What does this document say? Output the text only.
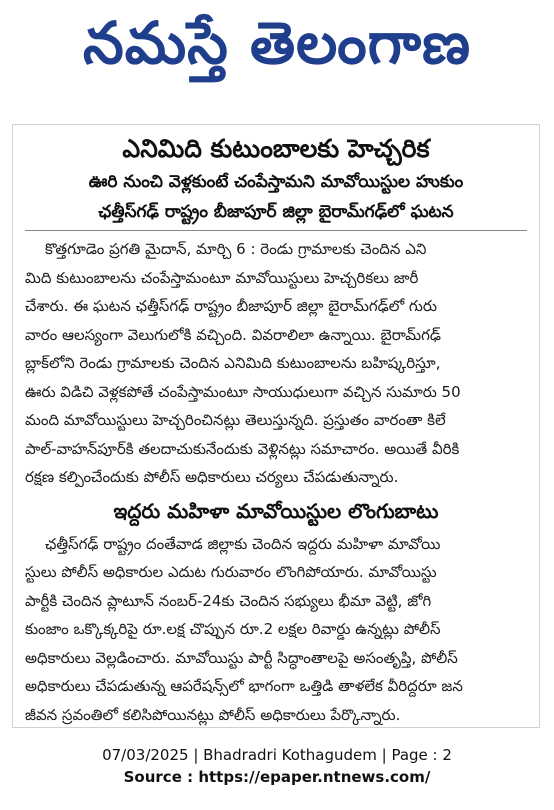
నమస్తే తెలంగాణ

ఎనిమిది కుటుంబాలకు హెచ్చరిక

ఊరి నుంచి వెళ్లకుంటే చంపేస్తామని మావోయిస్టుల హుకుం

ఛత్తీస్‌గఢ్ రాష్ట్రం బీజాపూర్ జిల్లా బైరామ్‌గఢ్‌లో ఘటన

కొత్తగూడెం ప్రగతి మైదాన్, మార్చి 6 : రెండు గ్రామాలకు చెందిన ఎని
మిది కుటుంబాలను చంపేస్తామంటూ మావోయిస్టులు హెచ్చరికలు జారీ
చేశారు. ఈ ఘటన ఛత్తీస్‌గఢ్ రాష్ట్రం బీజాపూర్ జిల్లా బైరామ్‌గఢ్‌లో గురు
వారం ఆలస్యంగా వెలుగులోకి వచ్చింది. వివరాలిలా ఉన్నాయి. బైరామ్‌గఢ్
బ్లాక్‌లోని రెండు గ్రామాలకు చెందిన ఎనిమిది కుటుంబాలను బహిష్కరిస్తూ,
ఊరు విడిచి వెళ్లకపోతే చంపేస్తామంటూ సాయుధులుగా వచ్చిన సుమారు 50
మంది మావోయిస్టులు హెచ్చరించినట్లు తెలుస్తున్నది. ప్రస్తుతం వారంతా కిలే
పాల్-వాహన్‌పూర్‌కి తలదాచుకునేందుకు వెళ్లినట్లు సమాచారం. అయితే వీరికి
రక్షణ కల్పించేందుకు పోలీస్ అధికారులు చర్యలు చేపడుతున్నారు.

ఇద్దరు మహిళా మావోయిస్టుల లొంగుబాటు

ఛత్తీస్‌గఢ్ రాష్ట్రం దంతేవాడ జిల్లాకు చెందిన ఇద్దరు మహిళా మావోయి
స్టులు పోలీస్ అధికారుల ఎదుట గురువారం లొంగిపోయారు. మావోయిస్టు
పార్టీకి చెందిన ప్లాటూన్ నంబర్-24కు చెందిన సభ్యులు భీమా వెట్టి, జోగి
కుంజాం ఒక్కొక్కరిపై రూ.లక్ష చొప్పున రూ.2 లక్షల రివార్డు ఉన్నట్లు పోలీస్
అధికారులు వెల్లడించారు. మావోయిస్టు పార్టీ సిద్ధాంతాలపై అసంతృప్తి, పోలీస్
అధికారులు చేపడుతున్న ఆపరేషన్స్‌లో భాగంగా ఒత్తిడి తాళలేక వీరిద్దరూ జన
జీవన స్రవంతిలో కలిసిపోయినట్లు పోలీస్ అధికారులు పేర్కొన్నారు.

07/03/2025 | Bhadradri Kothagudem | Page : 2
Source : https://epaper.ntnews.com/
